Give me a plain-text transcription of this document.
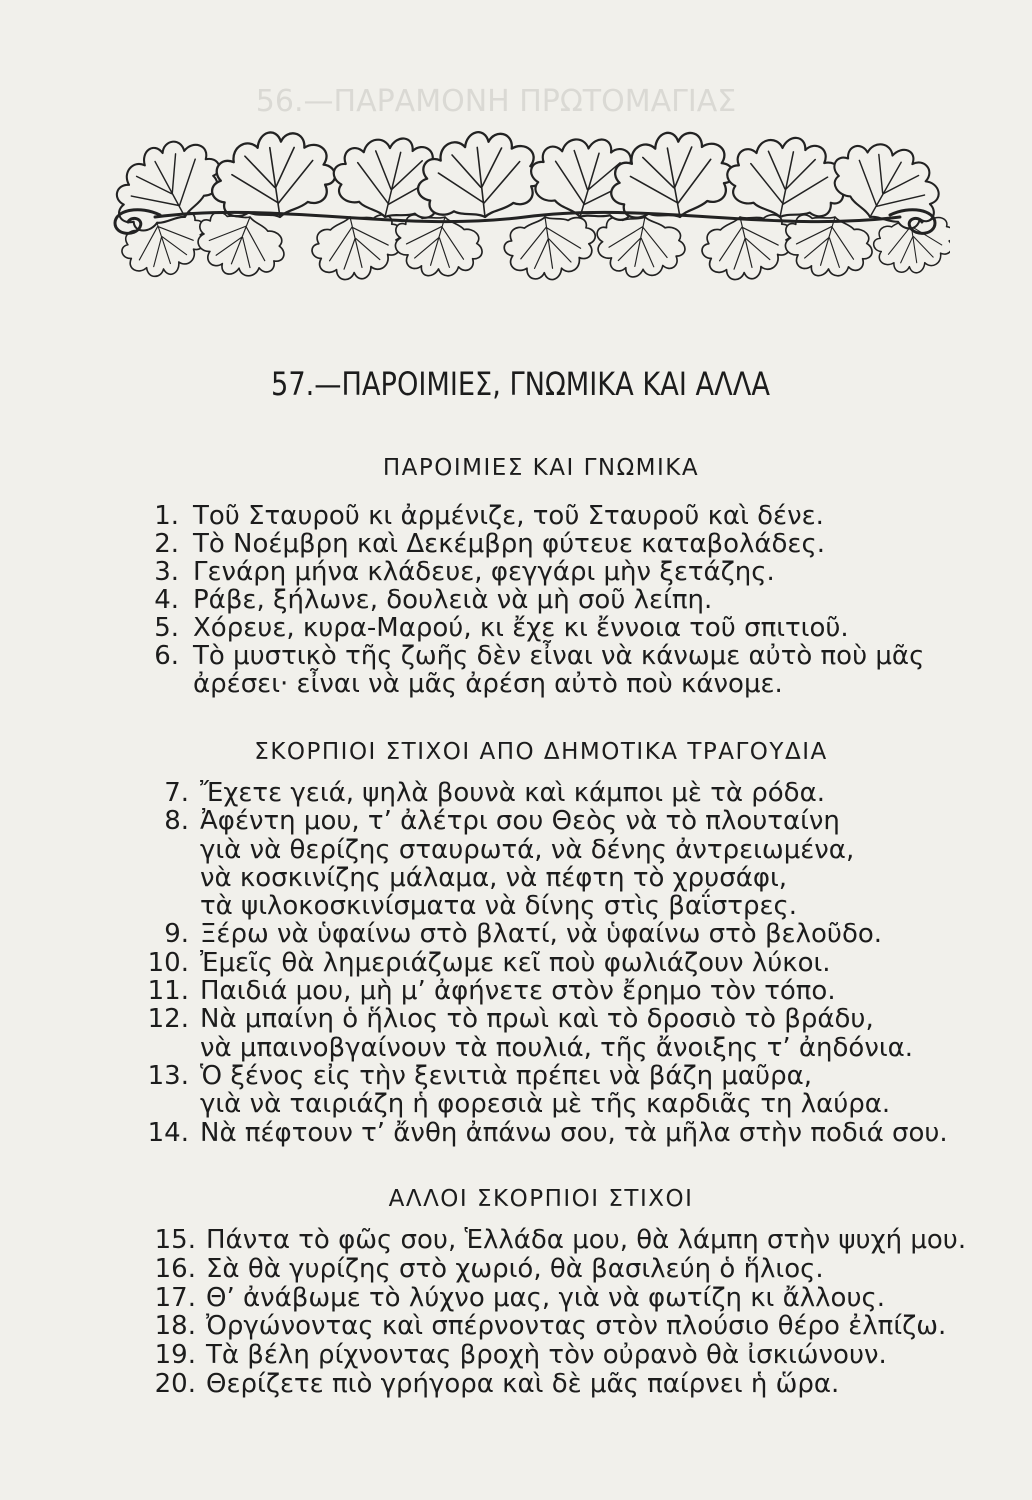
56.—ΠΑΡΑΜΟΝΗ ΠΡΩΤΟΜΑΓΙΑΣ
57.—ΠΑΡΟΙΜΙΕΣ, ΓΝΩΜΙΚΑ ΚΑΙ ΑΛΛΑ
ΠΑΡΟΙΜΙΕΣ ΚΑΙ ΓΝΩΜΙΚΑ
1. Τοῦ Σταυροῦ κι ἀρμένιζε, τοῦ Σταυροῦ καὶ δένε.
2. Τὸ Νοέμβρη καὶ Δεκέμβρη φύτευε καταβολάδες.
3. Γενάρη μήνα κλάδευε, φεγγάρι μὴν ξετάζης.
4. Ράβε, ξήλωνε, δουλειὰ νὰ μὴ σοῦ λείπη.
5. Χόρευε, κυρα-Μαρού, κι ἔχε κι ἔννοια τοῦ σπιτιοῦ.
6. Τὸ μυστικὸ τῆς ζωῆς δὲν εἶναι νὰ κάνωμε αὐτὸ ποὺ μᾶς
ἀρέσει· εἶναι νὰ μᾶς ἀρέση αὐτὸ ποὺ κάνομε.
ΣΚΟΡΠΙΟΙ ΣΤΙΧΟΙ ΑΠΟ ΔΗΜΟΤΙΚΑ ΤΡΑΓΟΥΔΙΑ
7. Ἔχετε γειά, ψηλὰ βουνὰ καὶ κάμποι μὲ τὰ ρόδα.
8. Ἀφέντη μου, τ’ ἀλέτρι σου Θεὸς νὰ τὸ πλουταίνη
γιὰ νὰ θερίζης σταυρωτά, νὰ δένης ἀντρειωμένα,
νὰ κοσκινίζης μάλαμα, νὰ πέφτη τὸ χρυσάφι,
τὰ ψιλοκοσκινίσματα νὰ δίνης στὶς βαΐστρες.
9. Ξέρω νὰ ὑφαίνω στὸ βλατί, νὰ ὑφαίνω στὸ βελοῦδο.
10. Ἐμεῖς θὰ λημεριάζωμε κεῖ ποὺ φωλιάζουν λύκοι.
11. Παιδιά μου, μὴ μ’ ἀφήνετε στὸν ἔρημο τὸν τόπο.
12. Νὰ μπαίνη ὁ ἥλιος τὸ πρωὶ καὶ τὸ δροσιὸ τὸ βράδυ,
νὰ μπαινοβγαίνουν τὰ πουλιά, τῆς ἄνοιξης τ’ ἀηδόνια.
13. Ὁ ξένος εἰς τὴν ξενιτιὰ πρέπει νὰ βάζη μαῦρα,
γιὰ νὰ ταιριάζη ἡ φορεσιὰ μὲ τῆς καρδιᾶς τη λαύρα.
14. Νὰ πέφτουν τ’ ἄνθη ἀπάνω σου, τὰ μῆλα στὴν ποδιά σου.
ΑΛΛΟΙ ΣΚΟΡΠΙΟΙ ΣΤΙΧΟΙ
15. Πάντα τὸ φῶς σου, Ἑλλάδα μου, θὰ λάμπη στὴν ψυχή μου.
16. Σὰ θὰ γυρίζης στὸ χωριό, θὰ βασιλεύη ὁ ἥλιος.
17. Θ’ ἀνάβωμε τὸ λύχνο μας, γιὰ νὰ φωτίζη κι ἄλλους.
18. Ὀργώνοντας καὶ σπέρνοντας στὸν πλούσιο θέρο ἐλπίζω.
19. Τὰ βέλη ρίχνοντας βροχὴ τὸν οὐρανὸ θὰ ἰσκιώνουν.
20. Θερίζετε πιὸ γρήγορα καὶ δὲ μᾶς παίρνει ἡ ὥρα.
